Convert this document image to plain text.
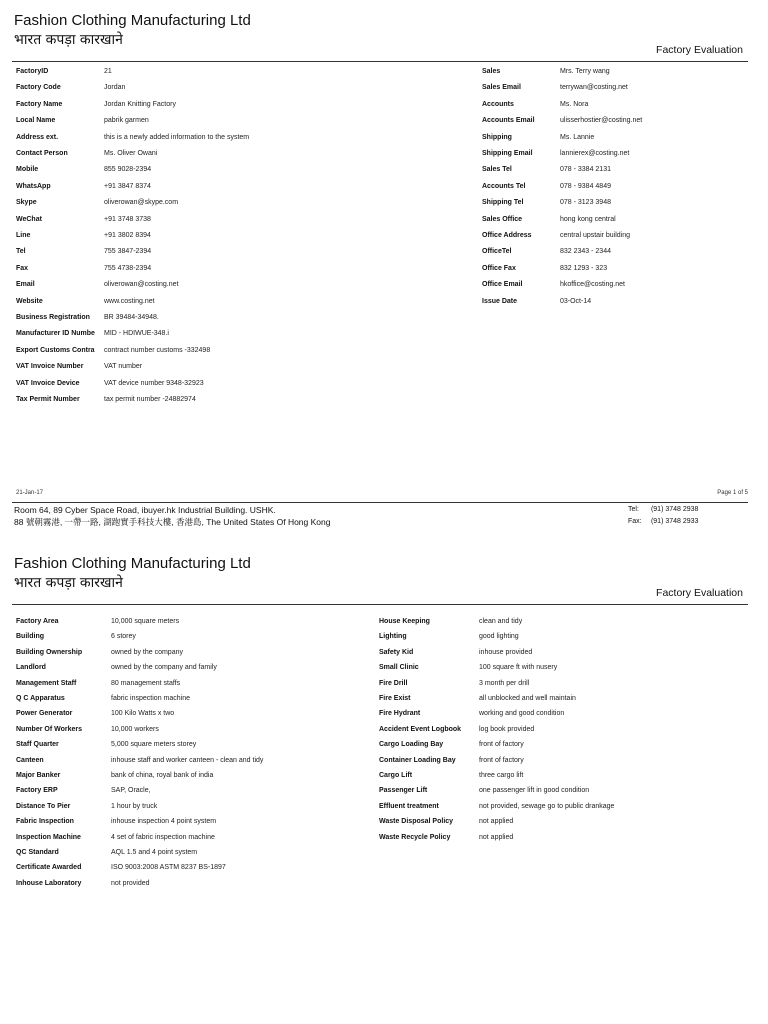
Fashion Clothing Manufacturing Ltd
भारत कपड़ा कारखाने
Factory Evaluation
FactoryID	21
Factory Code	Jordan
Factory Name	Jordan Knitting Factory
Local Name	pabrik garmen
Address ext.	this is a newly added information to the system
Contact Person	Ms. Oliver Owani
Mobile	855 9028-2394
WhatsApp	+91 3847 8374
Skype	oliverowan@skype.com
WeChat	+91 3748 3738
Line	+91 3802 8394
Tel	755 3847-2394
Fax	755 4738-2394
Email	oliverowan@costing.net
Website	www.costing.net
Business Registration	BR 39484-34948.
Manufacturer ID Numbe	MID - HDIWUE-348.i
Export Customs Contra	contract number customs -332498
VAT Invoice Number	VAT number
VAT Invoice Device	VAT device number 9348-32923
Tax Permit Number	tax permit number -24882974
Sales	Mrs. Terry wang
Sales Email	terrywan@costing.net
Accounts	Ms. Nora
Accounts Email	ulisserhostier@costing.net
Shipping	Ms. Lannie
Shipping Email	lannierex@costing.net
Sales Tel	078 - 3384 2131
Accounts Tel	078 - 9384 4849
Shipping Tel	078 - 3123 3948
Sales Office	hong kong central
Office Address	central upstair building
OfficeTel	832 2343 - 2344
Office Fax	832 1293 - 323
Office Email	hkoffice@costing.net
Issue Date	03-Oct-14
21-Jan-17	Page 1 of 5
Room 64, 89 Cyber Space Road, ibuyer.hk Industrial Building. USHK.
88 號朝霧港, 一帶一路, 湖跑實手科技大樓, 香港島, The United States Of Hong Kong
Tel: (91) 3748 2938
Fax: (91) 3748 2933
Fashion Clothing Manufacturing Ltd
भारत कपड़ा कारखाने
Factory Evaluation
Factory Area	10,000 square meters
Building	6 storey
Building Ownership	owned by the company
Landlord	owned by the company and family
Management Staff	80 management staffs
Q C Apparatus	fabric inspection machine
Power Generator	100 Kilo Watts x two
Number Of Workers	10,000 workers
Staff Quarter	5,000 square meters storey
Canteen	inhouse staff and worker canteen - clean and tidy
Major Banker	bank of china, royal bank of india
Factory ERP	SAP, Oracle,
Distance To Pier	1 hour by truck
Fabric Inspection	inhouse inspection 4 point system
Inspection Machine	4 set of fabric inspection machine
QC Standard	AQL 1.5 and 4 point system
Certificate Awarded	ISO 9003:2008 ASTM 8237 BS-1897
Inhouse Laboratory	not provided
House Keeping	clean and tidy
Lighting	good lighting
Safety Kid	inhouse provided
Small Clinic	100 square ft with nusery
Fire Drill	3 month per drill
Fire Exist	all unblocked and well maintain
Fire Hydrant	working and good condition
Accident Event Logbook	log book provided
Cargo Loading Bay	front of factory
Container Loading Bay	front of factory
Cargo Lift	three cargo lift
Passenger Lift	one passenger lift in good condition
Effluent treatment	not provided, sewage go to public drankage
Waste Disposal Policy	not applied
Waste Recycle Policy	not applied
